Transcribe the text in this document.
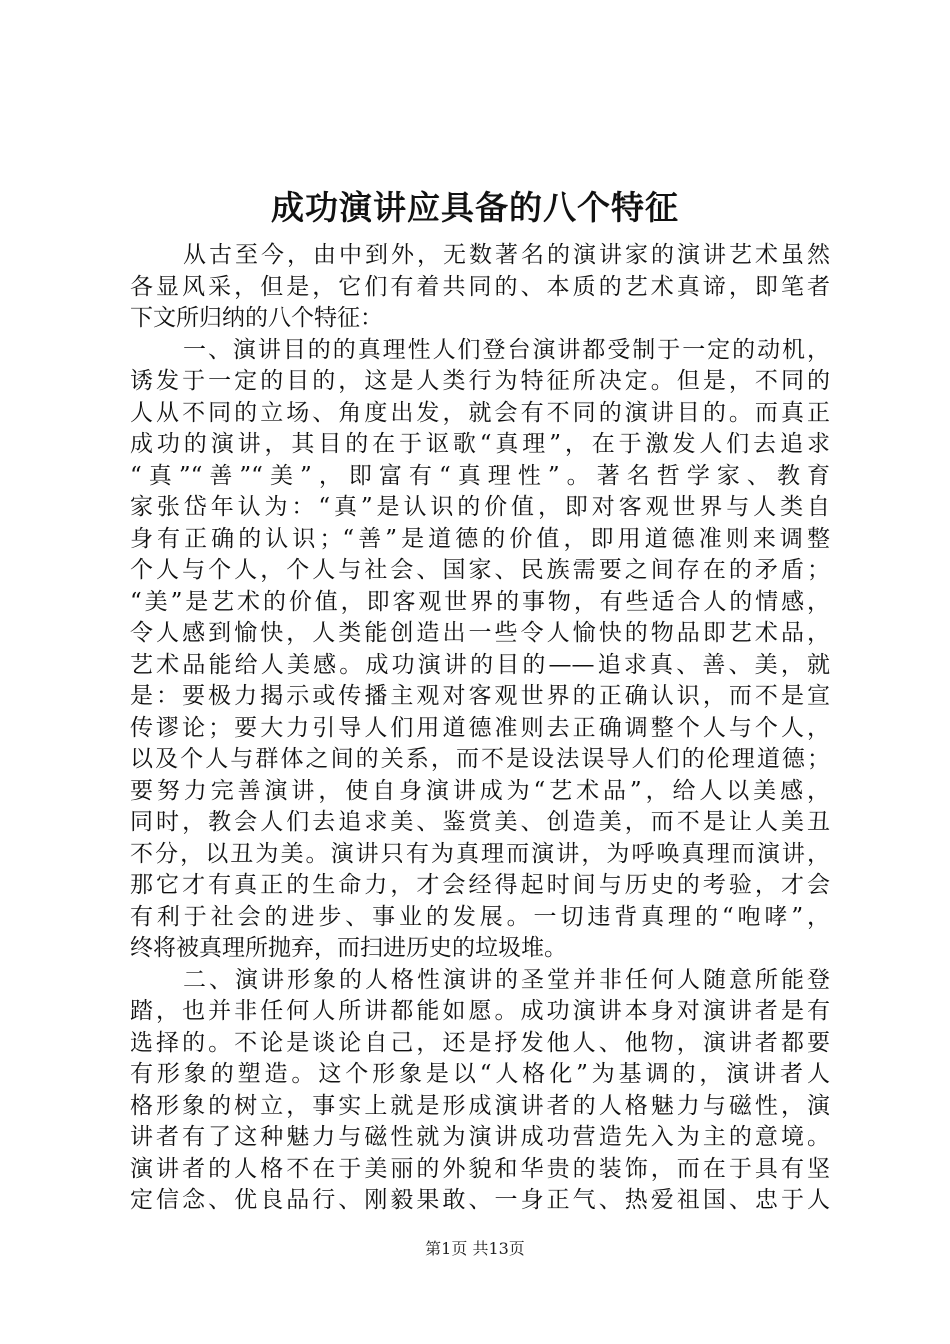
成功演讲应具备的八个特征
从古至今，由中到外，无数著名的演讲家的演讲艺术虽然
各显风采，但是，它们有着共同的、本质的艺术真谛，即笔者
下文所归纳的八个特征：
一、演讲目的的真理性人们登台演讲都受制于一定的动机，
诱发于一定的目的，这是人类行为特征所决定。但是，不同的
人从不同的立场、角度出发，就会有不同的演讲目的。而真正
成功的演讲，其目的在于讴歌“真理”，在于激发人们去追求
“真”“善”“美”，即富有“真理性”。著名哲学家、教育
家张岱年认为：“真”是认识的价值，即对客观世界与人类自
身有正确的认识；“善”是道德的价值，即用道德准则来调整
个人与个人，个人与社会、国家、民族需要之间存在的矛盾；
“美”是艺术的价值，即客观世界的事物，有些适合人的情感，
令人感到愉快，人类能创造出一些令人愉快的物品即艺术品，
艺术品能给人美感。成功演讲的目的——追求真、善、美，就
是：要极力揭示或传播主观对客观世界的正确认识，而不是宣
传谬论；要大力引导人们用道德准则去正确调整个人与个人，
以及个人与群体之间的关系，而不是设法误导人们的伦理道德；
要努力完善演讲，使自身演讲成为“艺术品”，给人以美感，
同时，教会人们去追求美、鉴赏美、创造美，而不是让人美丑
不分，以丑为美。演讲只有为真理而演讲，为呼唤真理而演讲，
那它才有真正的生命力，才会经得起时间与历史的考验，才会
有利于社会的进步、事业的发展。一切违背真理的“咆哮”，
终将被真理所抛弃，而扫进历史的垃圾堆。
二、演讲形象的人格性演讲的圣堂并非任何人随意所能登
踏，也并非任何人所讲都能如愿。成功演讲本身对演讲者是有
选择的。不论是谈论自己，还是抒发他人、他物，演讲者都要
有形象的塑造。这个形象是以“人格化”为基调的，演讲者人
格形象的树立，事实上就是形成演讲者的人格魅力与磁性，演
讲者有了这种魅力与磁性就为演讲成功营造先入为主的意境。
演讲者的人格不在于美丽的外貌和华贵的装饰，而在于具有坚
定信念、优良品行、刚毅果敢、一身正气、热爱祖国、忠于人
第1页 共13页
